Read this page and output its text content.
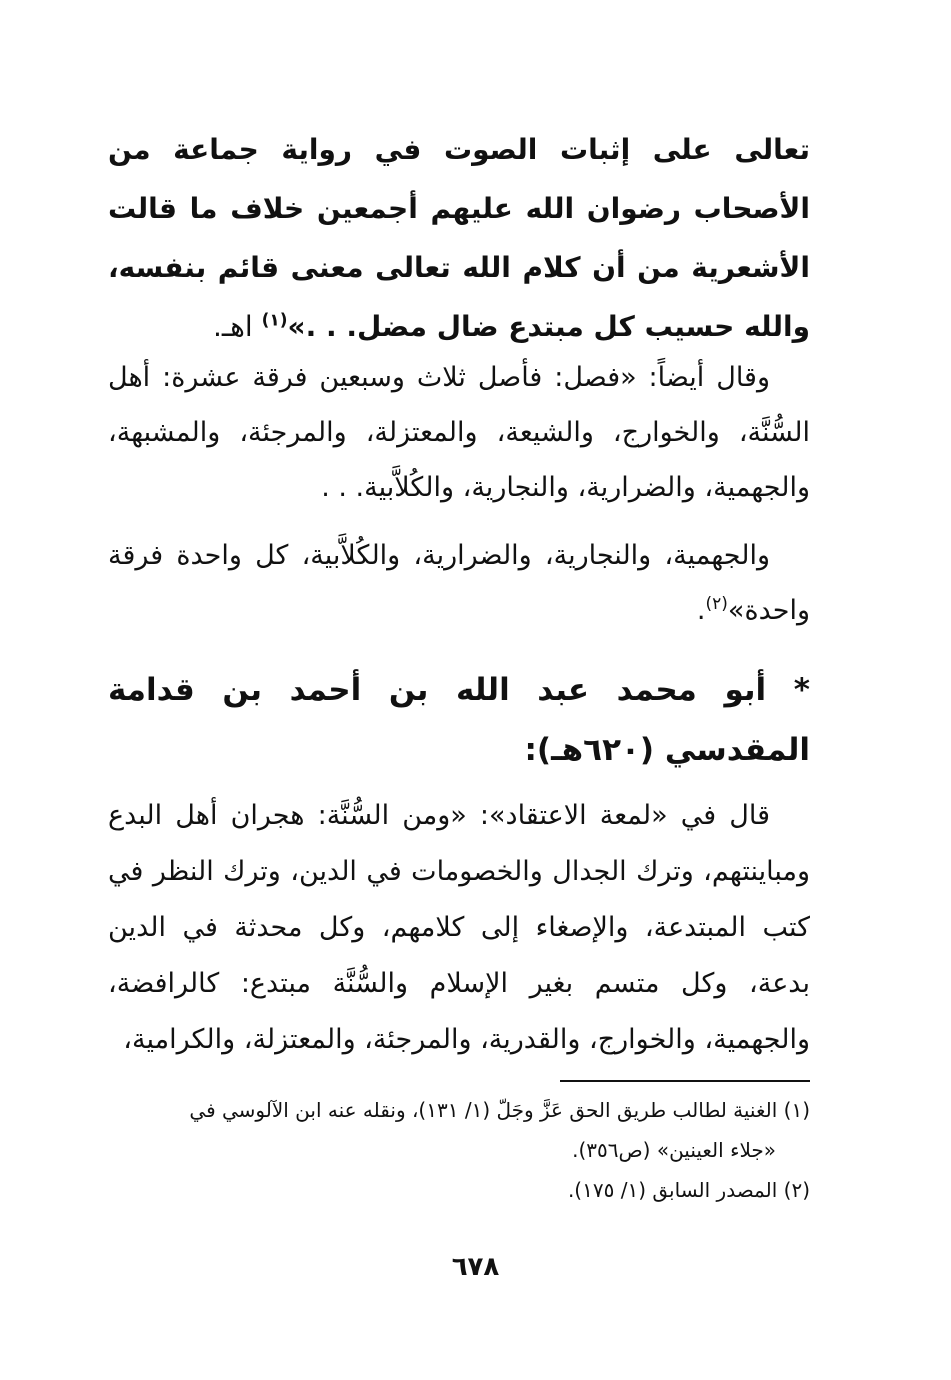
تعالى على إثبات الصوت في رواية جماعة من الأصحاب رضوان الله عليهم أجمعين خلاف ما قالت الأشعرية من أن كلام الله تعالى معنى قائم بنفسه، والله حسيب كل مبتدع ضال مضل. . .»$^{(١)}$ اهـ.
وقال أيضاً: «فصل: فأصل ثلاث وسبعين فرقة عشرة: أهل السُّنَّة، والخوارج، والشيعة، والمعتزلة، والمرجئة، والمشبهة، والجهمية، والضرارية، والنجارية، والكُلاَّبية. . .
والجهمية، والنجارية، والضرارية، والكُلاَّبية، كل واحدة فرقة واحدة»$^{(٢)}$.
* أبو محمد عبد الله بن أحمد بن قدامة المقدسي (٦٢٠هـ):
قال في «لمعة الاعتقاد»: «ومن السُّنَّة: هجران أهل البدع ومباينتهم، وترك الجدال والخصومات في الدين، وترك النظر في كتب المبتدعة، والإصغاء إلى كلامهم، وكل محدثة في الدين بدعة، وكل متسم بغير الإسلام والسُّنَّة مبتدع: كالرافضة، والجهمية، والخوارج، والقدرية، والمرجئة، والمعتزلة، والكرامية،
(١) الغنية لطالب طريق الحق عَزَّ وجَلّ (١/ ١٣١)، ونقله عنه ابن الآلوسي في
«جلاء العينين» (ص٣٥٦).
(٢) المصدر السابق (١/ ١٧٥).
٦٧٨
